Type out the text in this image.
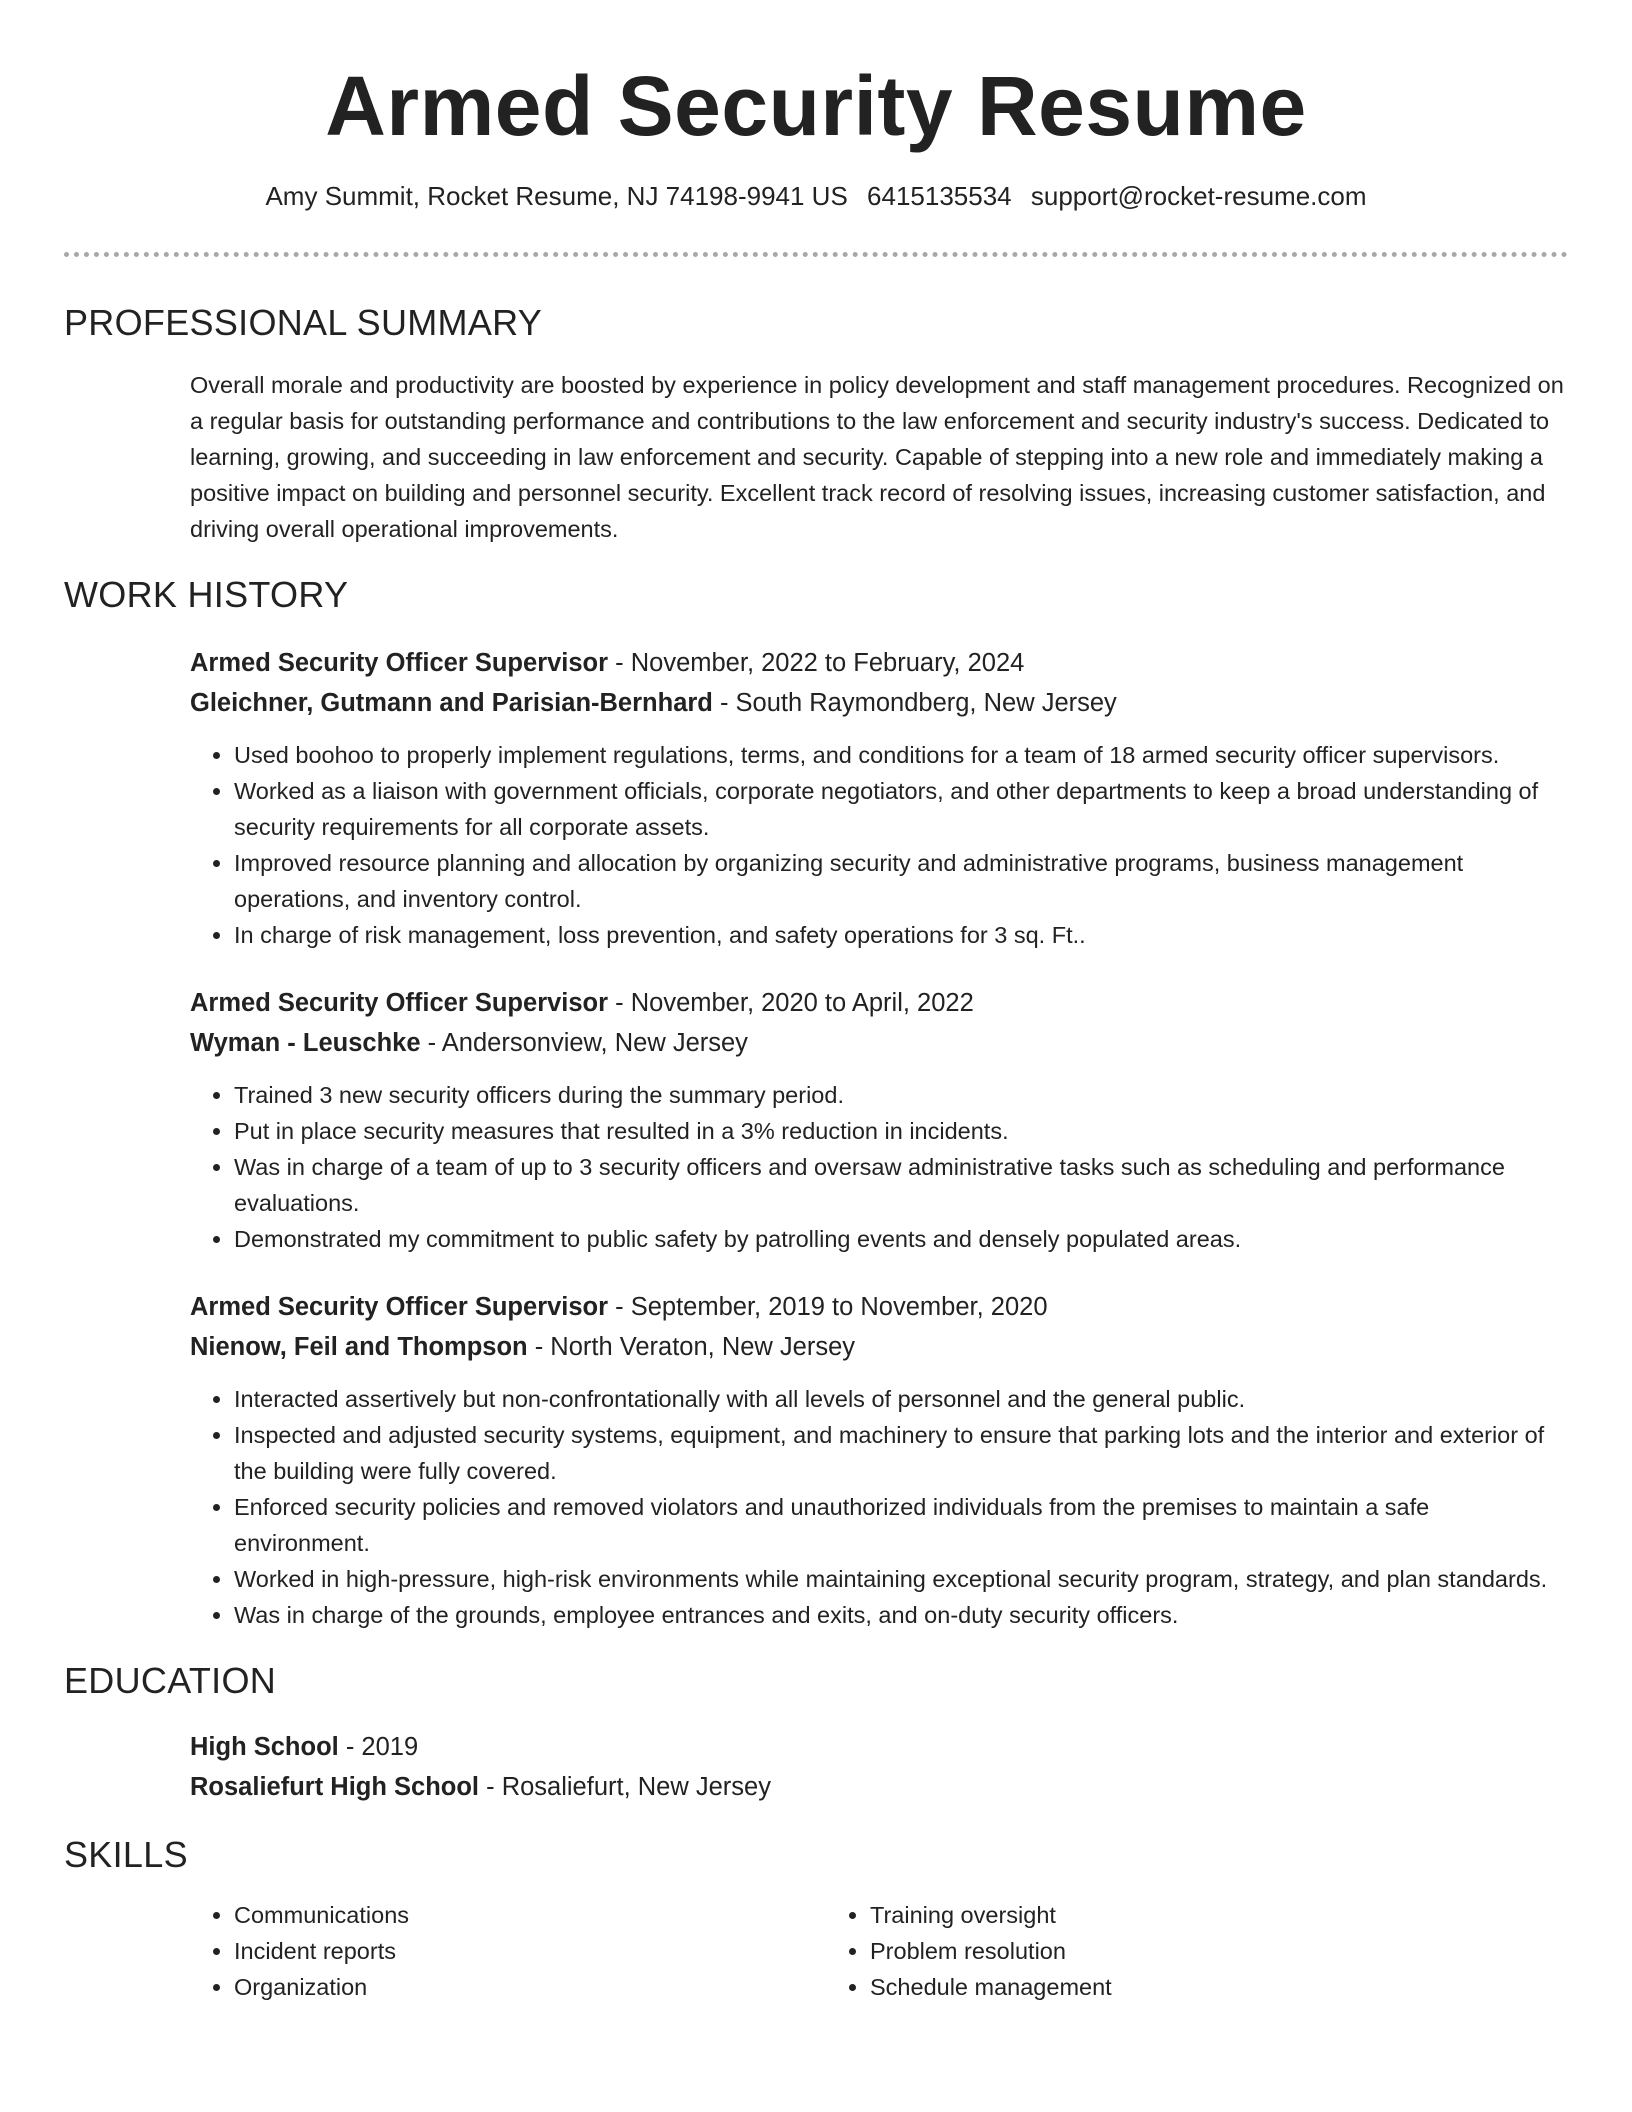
Armed Security Resume
Amy Summit, Rocket Resume, NJ 74198-9941 US 6415135534 support@rocket-resume.com
PROFESSIONAL SUMMARY
Overall morale and productivity are boosted by experience in policy development and staff management procedures. Recognized on a regular basis for outstanding performance and contributions to the law enforcement and security industry's success. Dedicated to learning, growing, and succeeding in law enforcement and security. Capable of stepping into a new role and immediately making a positive impact on building and personnel security. Excellent track record of resolving issues, increasing customer satisfaction, and driving overall operational improvements.
WORK HISTORY
Armed Security Officer Supervisor - November, 2022 to February, 2024
Gleichner, Gutmann and Parisian-Bernhard - South Raymondberg, New Jersey
• Used boohoo to properly implement regulations, terms, and conditions for a team of 18 armed security officer supervisors.
• Worked as a liaison with government officials, corporate negotiators, and other departments to keep a broad understanding of security requirements for all corporate assets.
• Improved resource planning and allocation by organizing security and administrative programs, business management operations, and inventory control.
• In charge of risk management, loss prevention, and safety operations for 3 sq. Ft..
Armed Security Officer Supervisor - November, 2020 to April, 2022
Wyman - Leuschke - Andersonview, New Jersey
• Trained 3 new security officers during the summary period.
• Put in place security measures that resulted in a 3% reduction in incidents.
• Was in charge of a team of up to 3 security officers and oversaw administrative tasks such as scheduling and performance evaluations.
• Demonstrated my commitment to public safety by patrolling events and densely populated areas.
Armed Security Officer Supervisor - September, 2019 to November, 2020
Nienow, Feil and Thompson - North Veraton, New Jersey
• Interacted assertively but non-confrontationally with all levels of personnel and the general public.
• Inspected and adjusted security systems, equipment, and machinery to ensure that parking lots and the interior and exterior of the building were fully covered.
• Enforced security policies and removed violators and unauthorized individuals from the premises to maintain a safe environment.
• Worked in high-pressure, high-risk environments while maintaining exceptional security program, strategy, and plan standards.
• Was in charge of the grounds, employee entrances and exits, and on-duty security officers.
EDUCATION
High School - 2019
Rosaliefurt High School - Rosaliefurt, New Jersey
SKILLS
• Communications
• Incident reports
• Organization
• Training oversight
• Problem resolution
• Schedule management
